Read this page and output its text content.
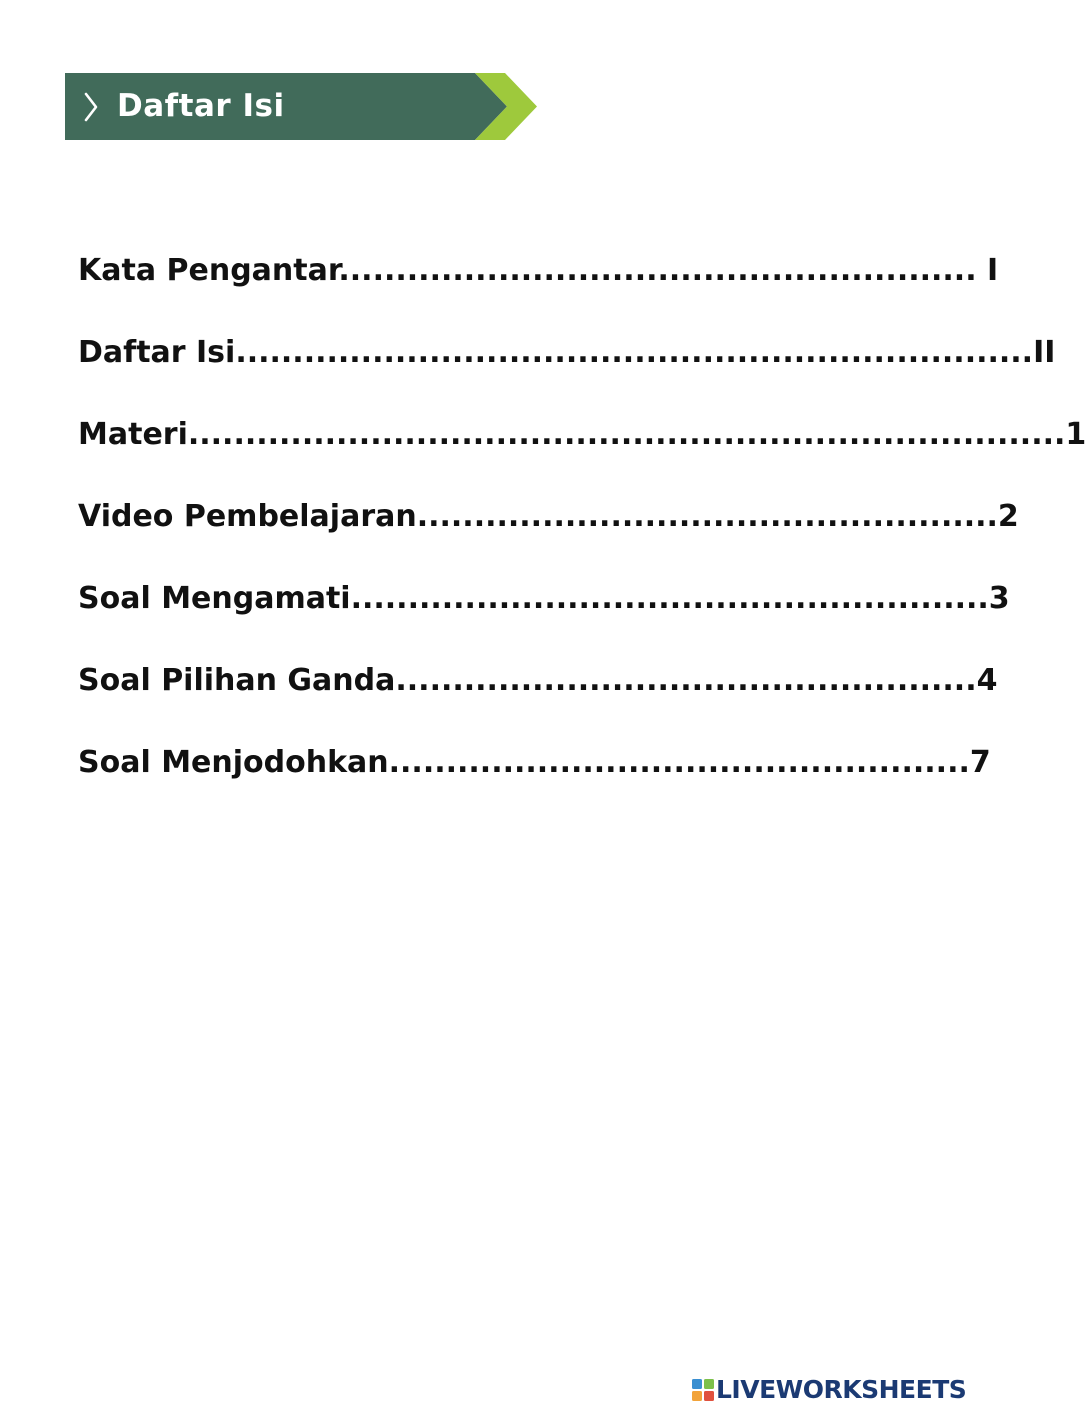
Daftar Isi
Kata Pengantar........................................................ I
Daftar Isi......................................................................II
Materi.............................................................................1
Video Pembelajaran...................................................2
Soal Mengamati........................................................3
Soal Pilihan Ganda...................................................4
Soal Menjodohkan...................................................7
LIVEWORKSHEETS
